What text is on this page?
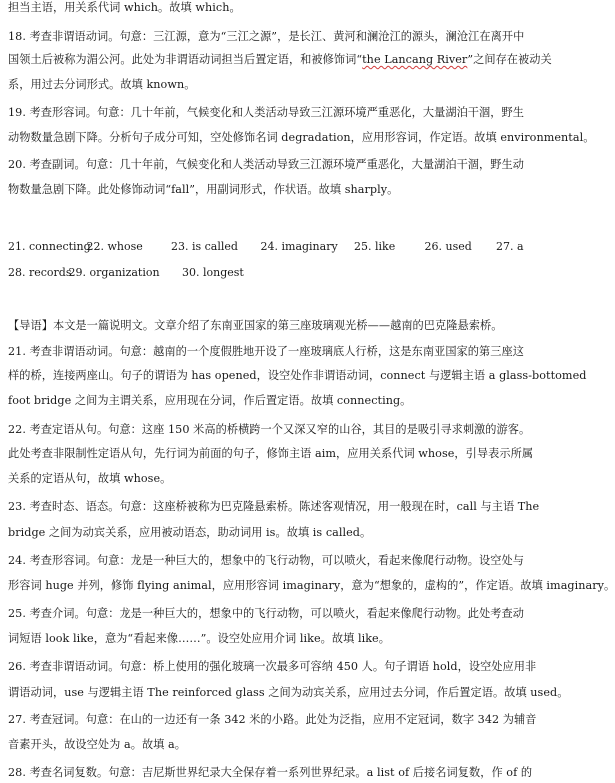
担当主语，用关系代词 which。故填 which。
18. 考查非谓语动词。句意：三江源，意为“三江之源”，是长江、黄河和澜沧江的源头，澜沧江在离开中
国领土后被称为湄公河。此处为非谓语动词担当后置定语，和被修饰词“the Lancang River”之间存在被动关
系，用过去分词形式。故填 known。
19. 考查形容词。句意：几十年前，气候变化和人类活动导致三江源环境严重恶化，大量湖泊干涸，野生
动物数量急剧下降。分析句子成分可知，空处修饰名词 degradation，应用形容词，作定语。故填 environmental。
20. 考查副词。句意：几十年前，气候变化和人类活动导致三江源环境严重恶化，大量湖泊干涸，野生动
物数量急剧下降。此处修饰动词“fall”，用副词形式，作状语。故填 sharply。
21. connecting 22. whose	23. is called 24. imaginary 25. like	26. used 27. a
28. records 29. organization 30. longest
【导语】本文是一篇说明文。文章介绍了东南亚国家的第三座玻璃观光桥——越南的巴克隆悬索桥。
21. 考查非谓语动词。句意：越南的一个度假胜地开设了一座玻璃底人行桥，这是东南亚国家的第三座这
样的桥，连接两座山。句子的谓语为 has opened，设空处作非谓语动词，connect 与逻辑主语 a glass-bottomed
foot bridge 之间为主谓关系，应用现在分词，作后置定语。故填 connecting。
22. 考查定语从句。句意：这座 150 米高的桥横跨一个又深又窄的山谷，其目的是吸引寻求刺激的游客。
此处考查非限制性定语从句，先行词为前面的句子，修饰主语 aim，应用关系代词 whose，引导表示所属
关系的定语从句，故填 whose。
23. 考查时态、语态。句意：这座桥被称为巴克隆悬索桥。陈述客观情况，用一般现在时，call 与主语 The
bridge 之间为动宾关系，应用被动语态，助动词用 is。故填 is called。
24. 考查形容词。句意：龙是一种巨大的，想象中的飞行动物，可以喷火，看起来像爬行动物。设空处与
形容词 huge 并列，修饰 flying animal，应用形容词 imaginary，意为“想象的，虚构的”，作定语。故填 imaginary。
25. 考查介词。句意：龙是一种巨大的，想象中的飞行动物，可以喷火，看起来像爬行动物。此处考查动
词短语 look like，意为“看起来像……”。设空处应用介词 like。故填 like。
26. 考查非谓语动词。句意：桥上使用的强化玻璃一次最多可容纳 450 人。句子谓语 hold，设空处应用非
谓语动词，use 与逻辑主语 The reinforced glass 之间为动宾关系，应用过去分词，作后置定语。故填 used。
27. 考查冠词。句意：在山的一边还有一条 342 米的小路。此处为泛指，应用不定冠词，数字 342 为辅音
音素开头，故设空处为 a。故填 a。
28. 考查名词复数。句意：吉尼斯世界纪录大全保存着一系列世界纪录。a list of 后接名词复数，作 of 的
